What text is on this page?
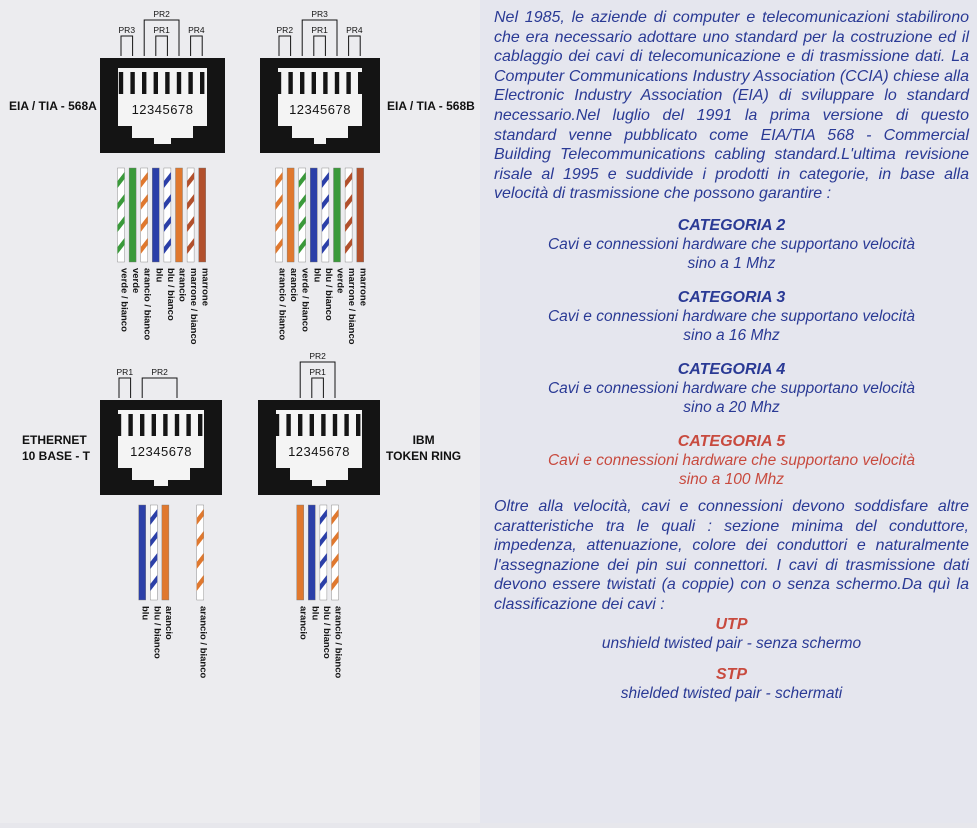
12345678
PR3
PR2
PR1 PR4
verde / bianco verde arancio / bianco blu blu / bianco arancio marrone / bianco marrone
12345678
PR2
PR3
PR1 PR4
arancio / bianco arancio verde / bianco blu blu / bianco verde marrone / bianco marrone
12345678
PR1 PR2
blu blu / bianco arancio	arancio / bianco
12345678
PR2
PR1
arancio blu blu / bianco arancio / bianco
EIA / TIA - 568A	EIA / TIA - 568B
ETHERNET
10 BASE - T
IBM
TOKEN RING

Nel 1985, le aziende di computer e telecomunicazioni stabilirono che era necessario adottare uno standard per la costruzione ed il cablaggio dei cavi di telecomunicazione e di trasmissione dati. La Computer Communications Industry Association (CCIA) chiese alla Electronic Industry Association (EIA) di sviluppare lo standard necessario.Nel luglio del 1991 la prima versione di questo standard venne pubblicato come EIA/TIA 568 - Commercial Building Telecommunications cabling standard.L'ultima revisione risale al 1995 e suddivide i prodotti in categorie, in base alla velocità di trasmissione che possono garantire :

CATEGORIA 2
Cavi e connessioni hardware che supportano velocità
sino a 1 Mhz
CATEGORIA 3
Cavi e connessioni hardware che supportano velocità
sino a 16 Mhz
CATEGORIA 4
Cavi e connessioni hardware che supportano velocità
sino a 20 Mhz
CATEGORIA 5
Cavi e connessioni hardware che supportano velocità
sino a 100 Mhz

Oltre alla velocità, cavi e connessioni devono soddisfare altre caratteristiche tra le quali : sezione minima del conduttore, impedenza, attenuazione, colore dei conduttori e naturalmente l'assegnazione dei pin sui connettori. I cavi di trasmissione dati devono essere twistati (a coppie) con o senza schermo.Da quì la classificazione dei cavi :

UTP
unshield twisted pair - senza schermo
STP
shielded twisted pair - schermati
